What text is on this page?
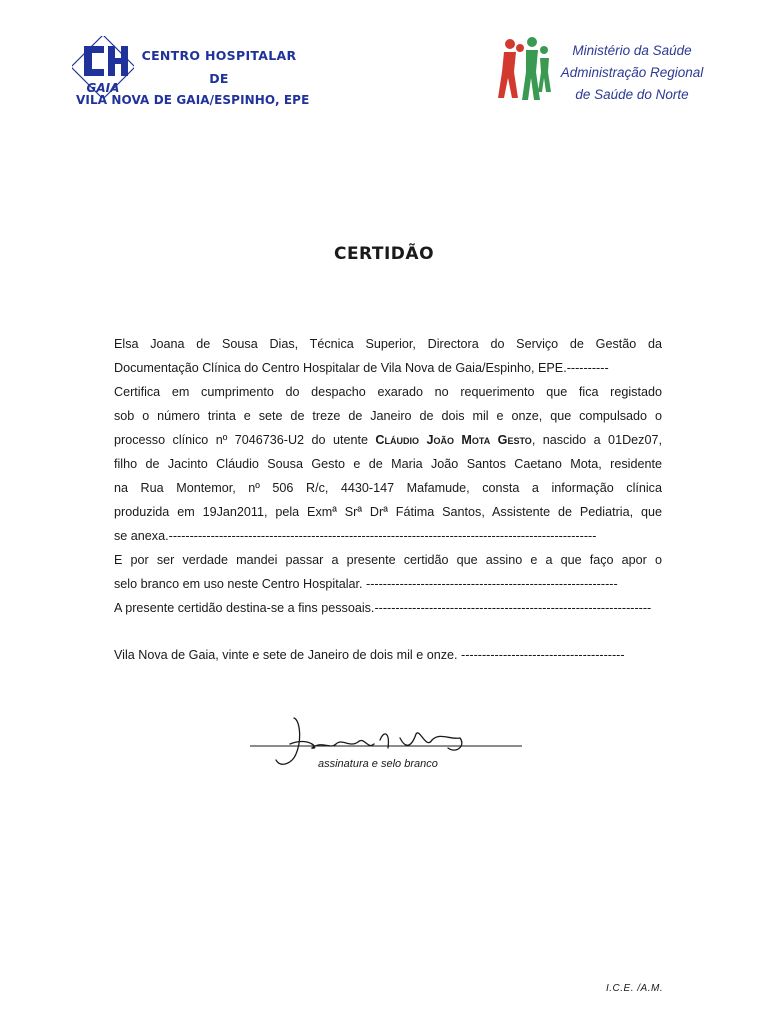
GAIA
CENTRO HOSPITALAR
DE
VILA NOVA DE GAIA/ESPINHO, EPE
Ministério da Saúde
Administração Regional
de Saúde do Norte
CERTIDÃO
Elsa Joana de Sousa Dias, Técnica Superior, Directora do Serviço de Gestão da
Documentação Clínica do Centro Hospitalar de Vila Nova de Gaia/Espinho, EPE.----------
Certifica em cumprimento do despacho exarado no requerimento que fica registado
sob o número trinta e sete de treze de Janeiro de dois mil e onze, que compulsado o
processo clínico nº 7046736-U2 do utente Cláudio João Mota Gesto, nascido a 01Dez07,
filho de Jacinto Cláudio Sousa Gesto e de Maria João Santos Caetano Mota, residente
na Rua Montemor, nº 506 R/c, 4430-147 Mafamude, consta a informação clínica
produzida em 19Jan2011, pela Exmª Srª Drª Fátima Santos, Assistente de Pediatria, que
se anexa.------------------------------------------------------------------------------------------------------
E por ser verdade mandei passar a presente certidão que assino e a que faço apor o
selo branco em uso neste Centro Hospitalar. ------------------------------------------------------------
A presente certidão destina-se a fins pessoais.------------------------------------------------------------------
Vila Nova de Gaia, vinte e sete de Janeiro de dois mil e onze. ---------------------------------------
assinatura e selo branco
I.C.E. /A.M.
